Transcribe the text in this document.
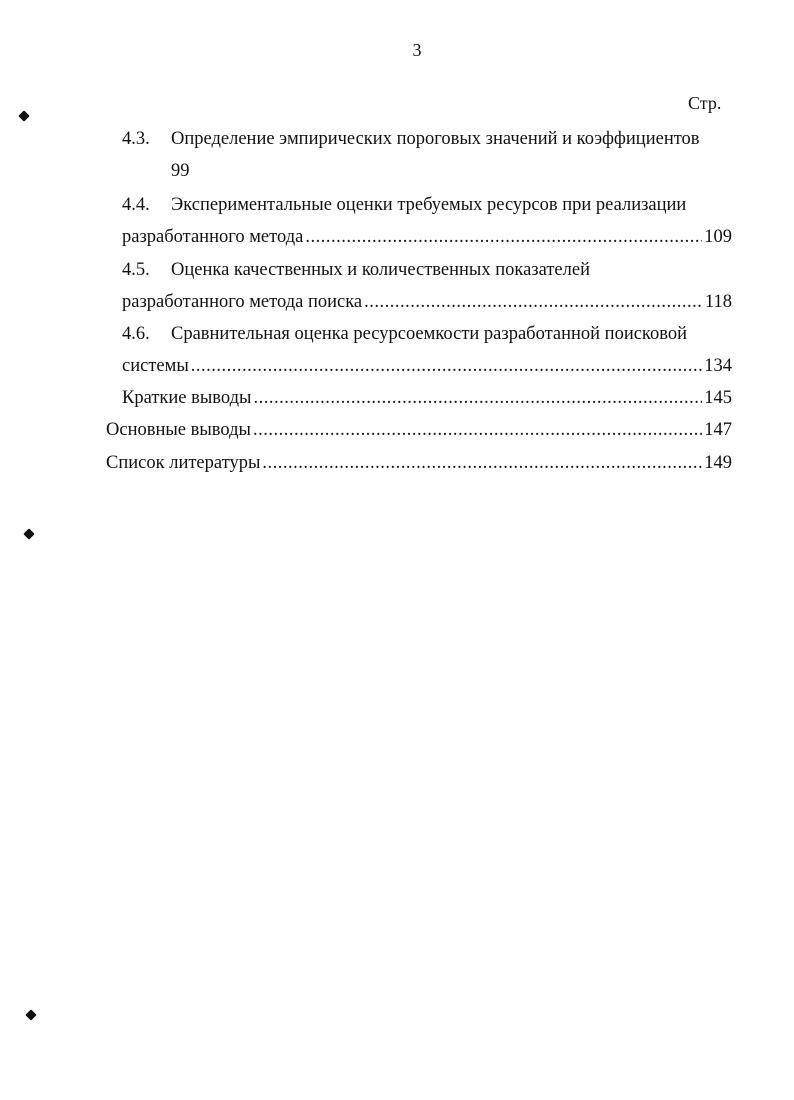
3
Стр.
4.3. Определение эмпирических пороговых значений и коэффициентов
99
4.4. Экспериментальные оценки требуемых ресурсов при реализации
разработанного метода .....	109
4.5. Оценка качественных и количественных показателей
разработанного метода поиска .....	118
4.6. Сравнительная оценка ресурсоемкости разработанной поисковой
системы .....	134
Краткие выводы .....	145
Основные выводы .....	147
Список литературы .....	149
